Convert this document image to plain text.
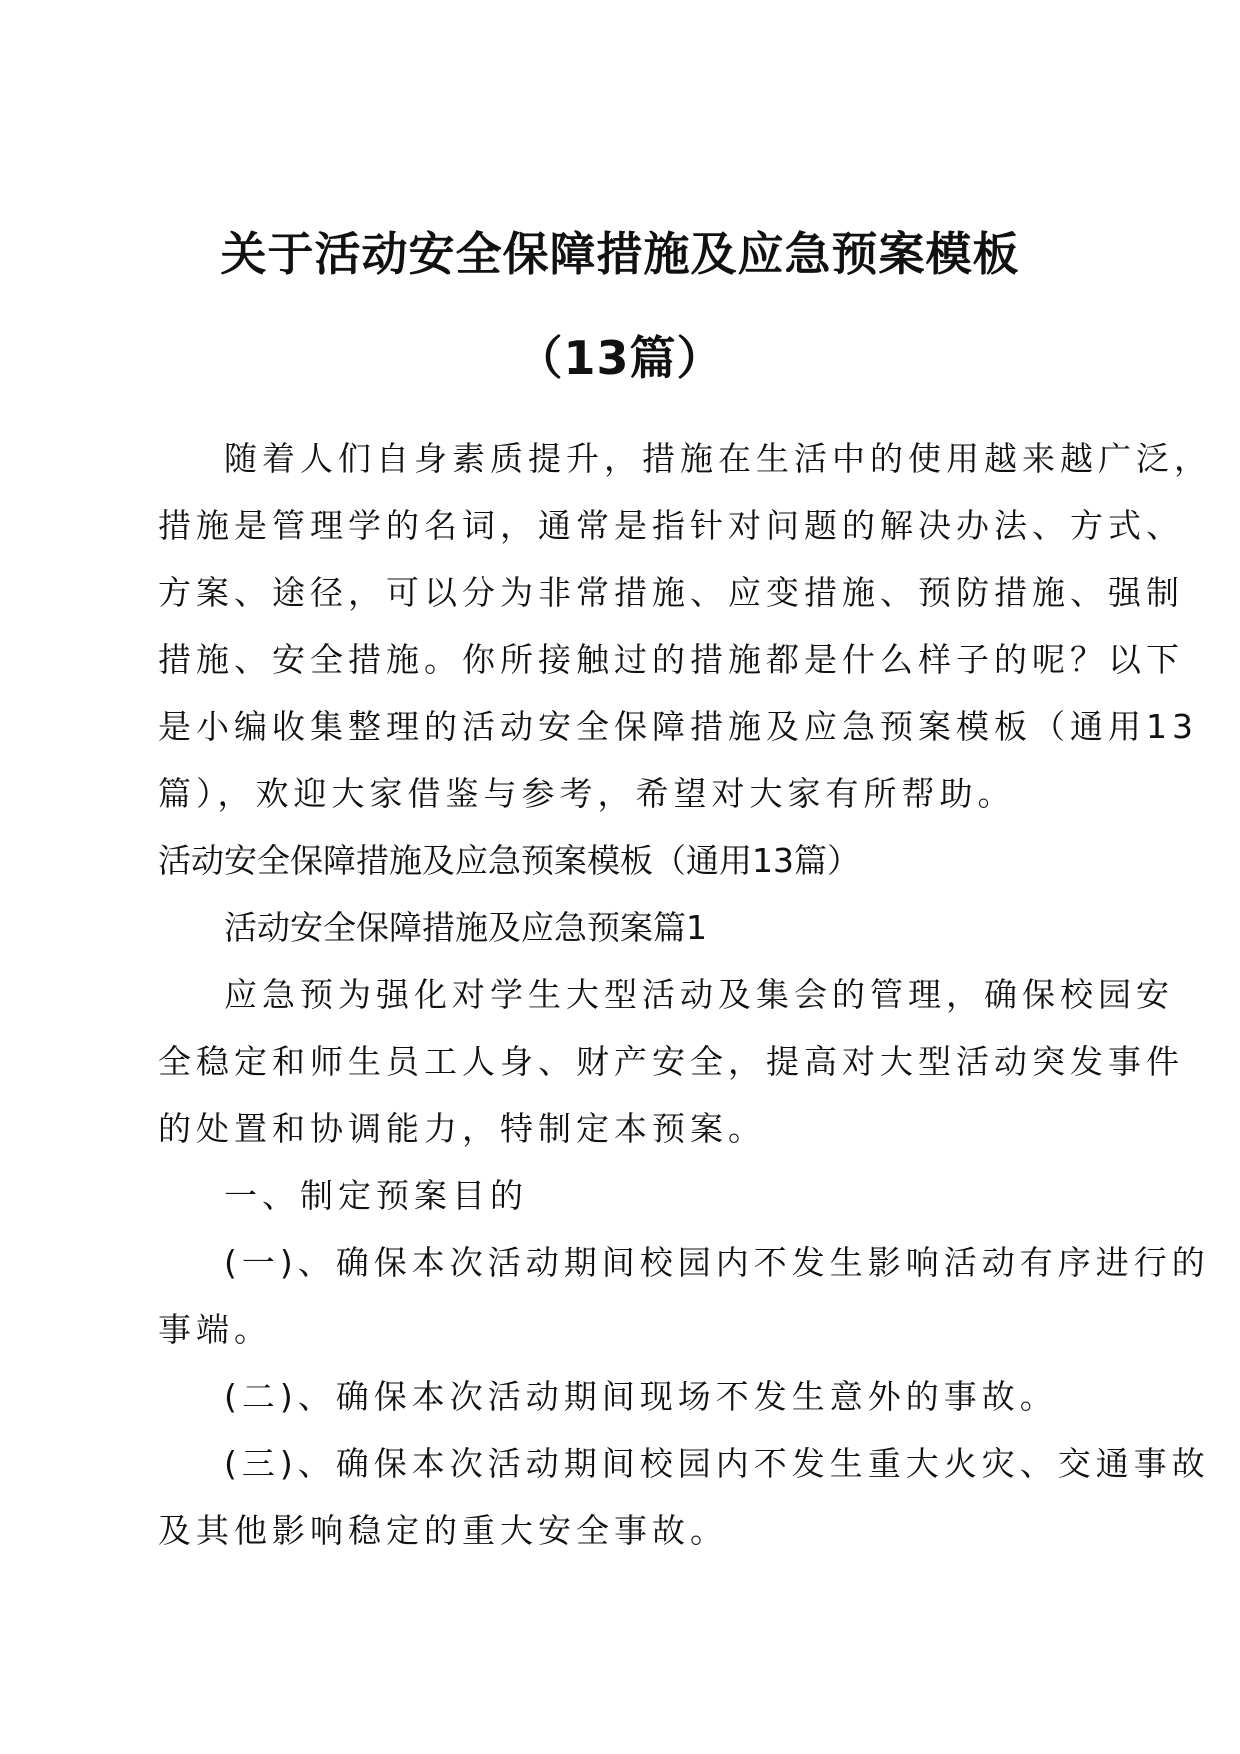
关于活动安全保障措施及应急预案模板
（13篇）
随着人们自身素质提升，措施在生活中的使用越来越广泛，
措施是管理学的名词，通常是指针对问题的解决办法、方式、
方案、途径，可以分为非常措施、应变措施、预防措施、强制
措施、安全措施。你所接触过的措施都是什么样子的呢？以下
是小编收集整理的活动安全保障措施及应急预案模板（通用13
篇），欢迎大家借鉴与参考，希望对大家有所帮助。
活动安全保障措施及应急预案模板（通用13篇）
活动安全保障措施及应急预案篇1
应急预为强化对学生大型活动及集会的管理，确保校园安
全稳定和师生员工人身、财产安全，提高对大型活动突发事件
的处置和协调能力，特制定本预案。
一、制定预案目的
(一)、确保本次活动期间校园内不发生影响活动有序进行的
事端。
(二)、确保本次活动期间现场不发生意外的事故。
(三)、确保本次活动期间校园内不发生重大火灾、交通事故
及其他影响稳定的重大安全事故。
